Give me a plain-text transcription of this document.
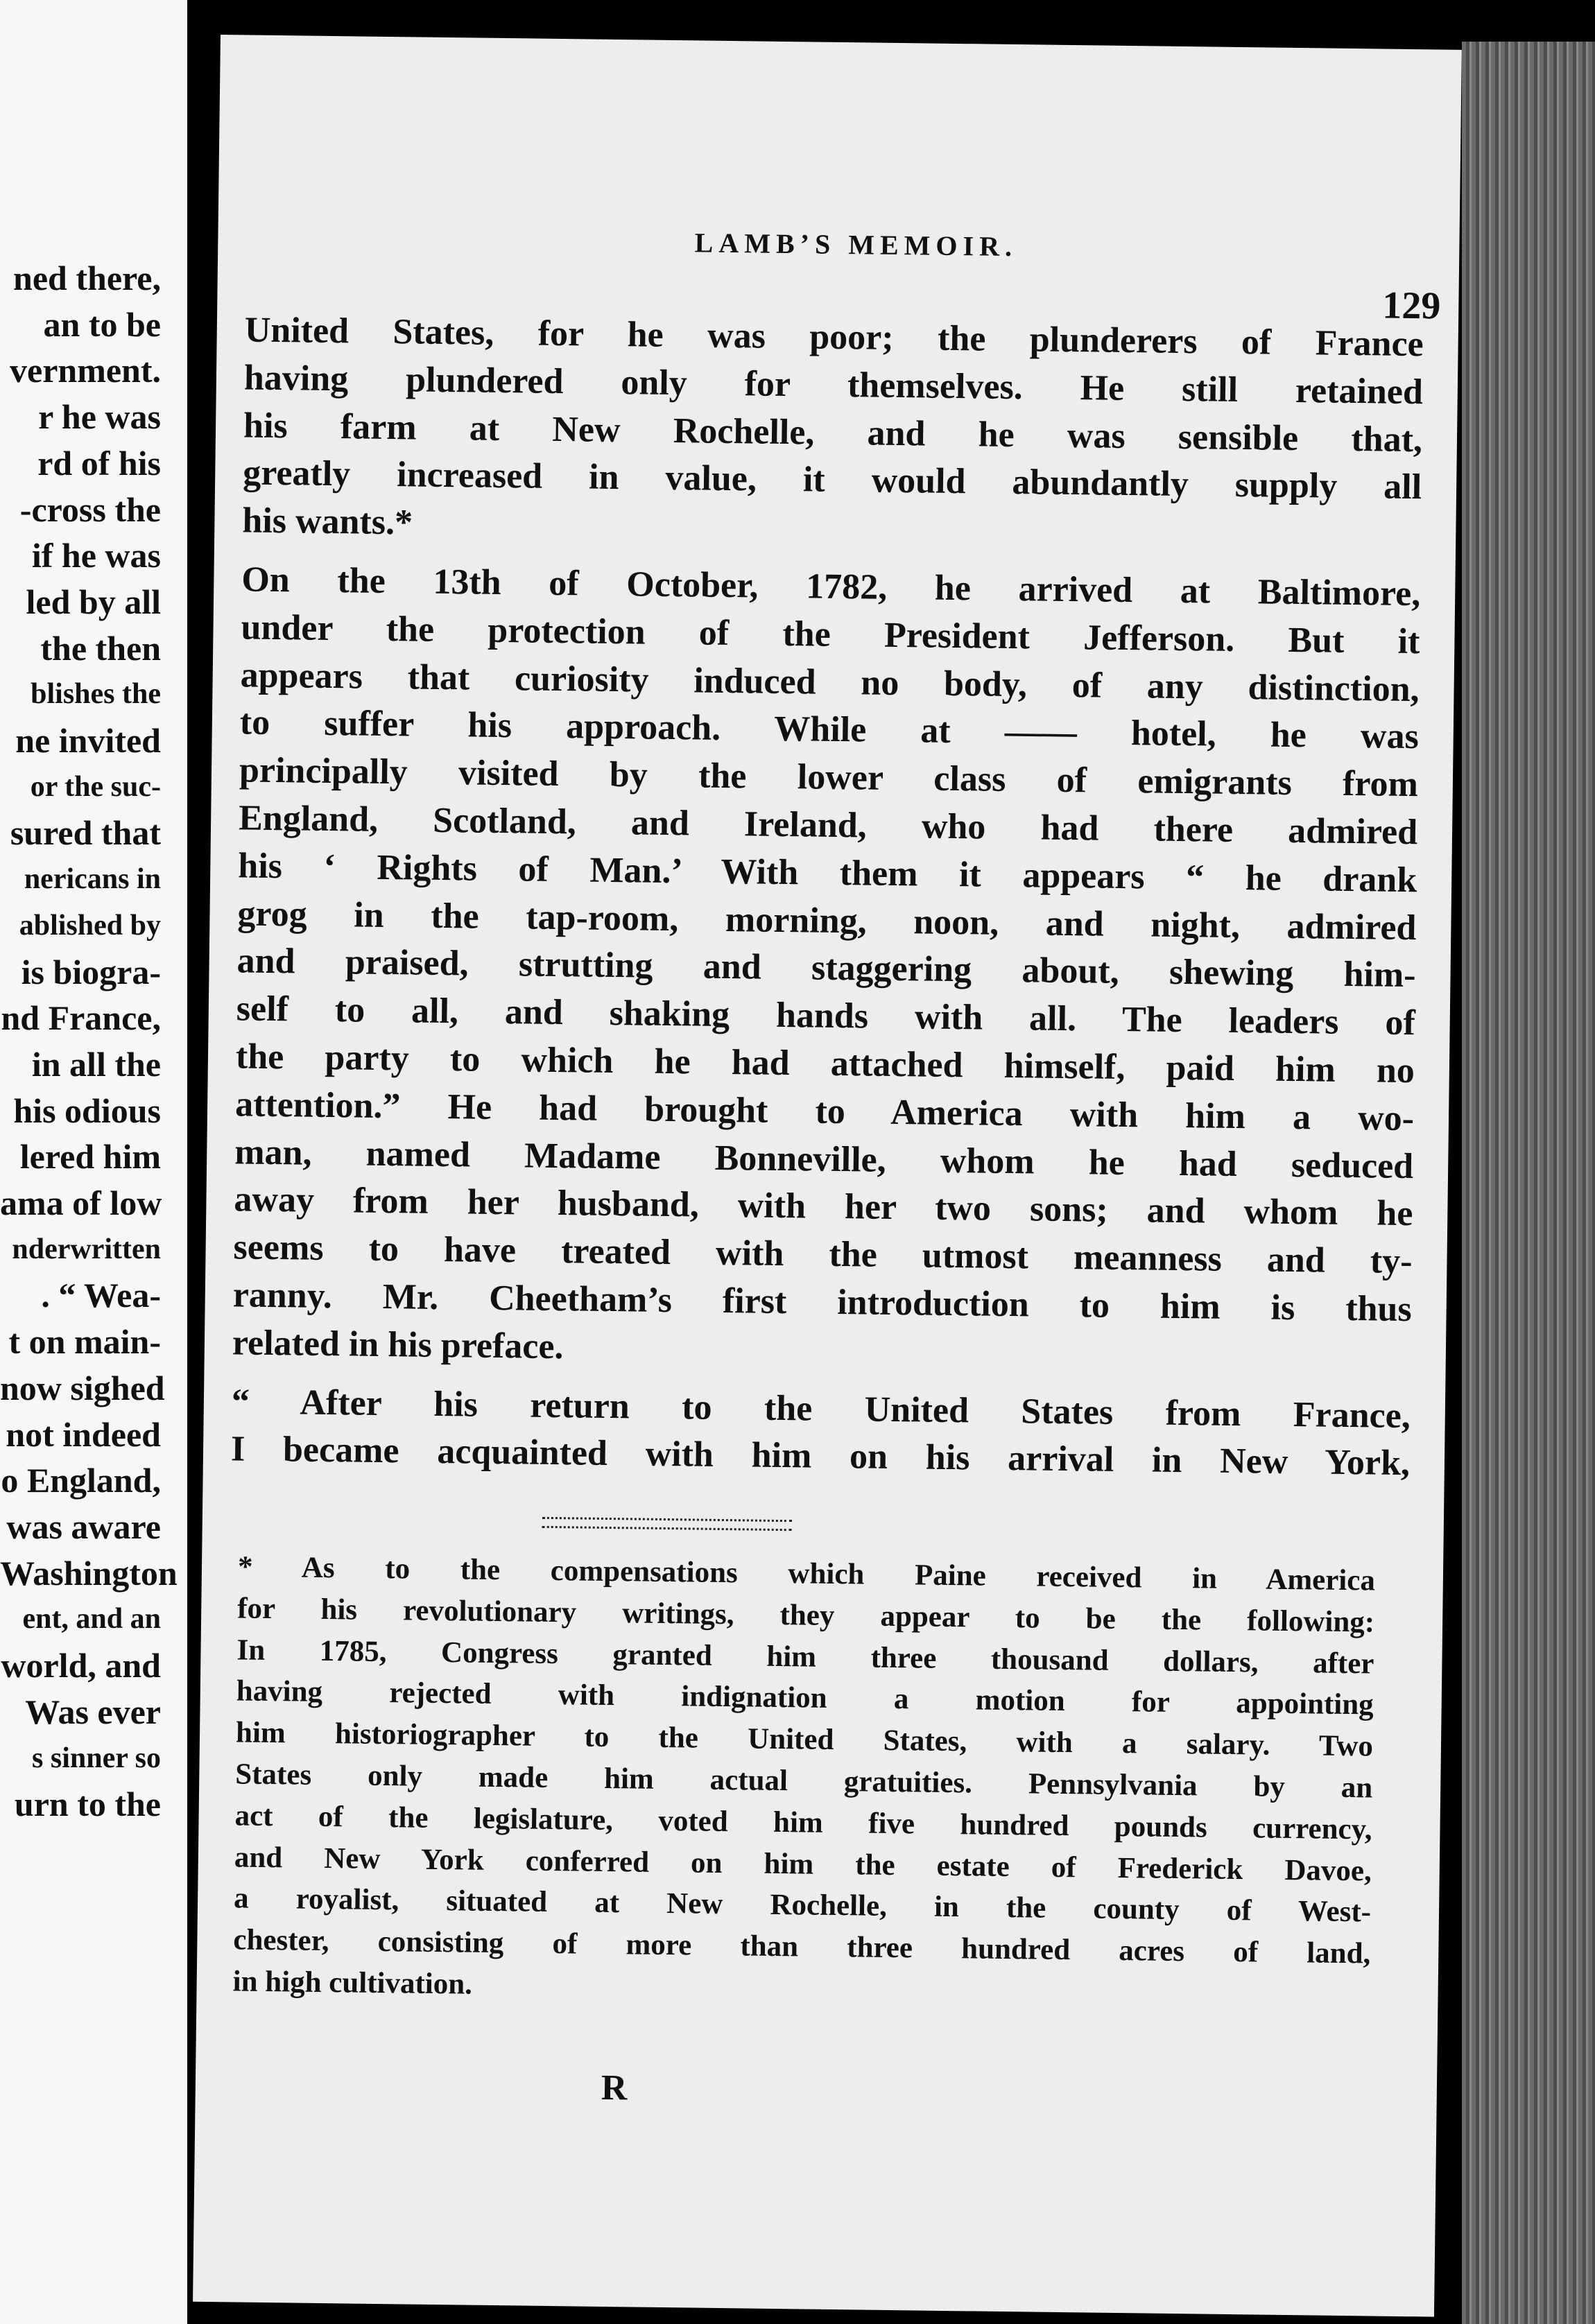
ned there,
an to be
vernment.
r he was
rd of his
-cross the
if he was
led by all
the then
blishes the
ne invited
or the suc-
sured that
nericans in
ablished by
is biogra-
nd France,
in all the
his odious
lered him
ama of low
nderwritten
. “ Wea-
t on main-
now sighed
not indeed
o England,
was aware
Washington
ent, and an
world, and
Was ever
s sinner so
urn to the
LAMB’S MEMOIR.
129

United States, for he was poor; the plunderers of France
having plundered only for themselves. He still retained
his farm at New Rochelle, and he was sensible that,
greatly increased in value, it would abundantly supply all
his wants.*

On the 13th of October, 1782, he arrived at Baltimore,
under the protection of the President Jefferson. But it
appears that curiosity induced no body, of any distinction,
to suffer his approach. While at —— hotel, he was
principally visited by the lower class of emigrants from
England, Scotland, and Ireland, who had there admired
his ‘ Rights of Man.’ With them it appears “ he drank
grog in the tap-room, morning, noon, and night, admired
and praised, strutting and staggering about, shewing him-
self to all, and shaking hands with all. The leaders of
the party to which he had attached himself, paid him no
attention.” He had brought to America with him a wo-
man, named Madame Bonneville, whom he had seduced
away from her husband, with her two sons; and whom he
seems to have treated with the utmost meanness and ty-
ranny. Mr. Cheetham’s first introduction to him is thus
related in his preface.

“ After his return to the United States from France,
I became acquainted with him on his arrival in New York,

* As to the compensations which Paine received in America
for his revolutionary writings, they appear to be the following:
In 1785, Congress granted him three thousand dollars, after
having rejected with indignation a motion for appointing
him historiographer to the United States, with a salary. Two
States only made him actual gratuities. Pennsylvania by an
act of the legislature, voted him five hundred pounds currency,
and New York conferred on him the estate of Frederick Davoe,
a royalist, situated at New Rochelle, in the county of West-
chester, consisting of more than three hundred acres of land,
in high cultivation.
R
